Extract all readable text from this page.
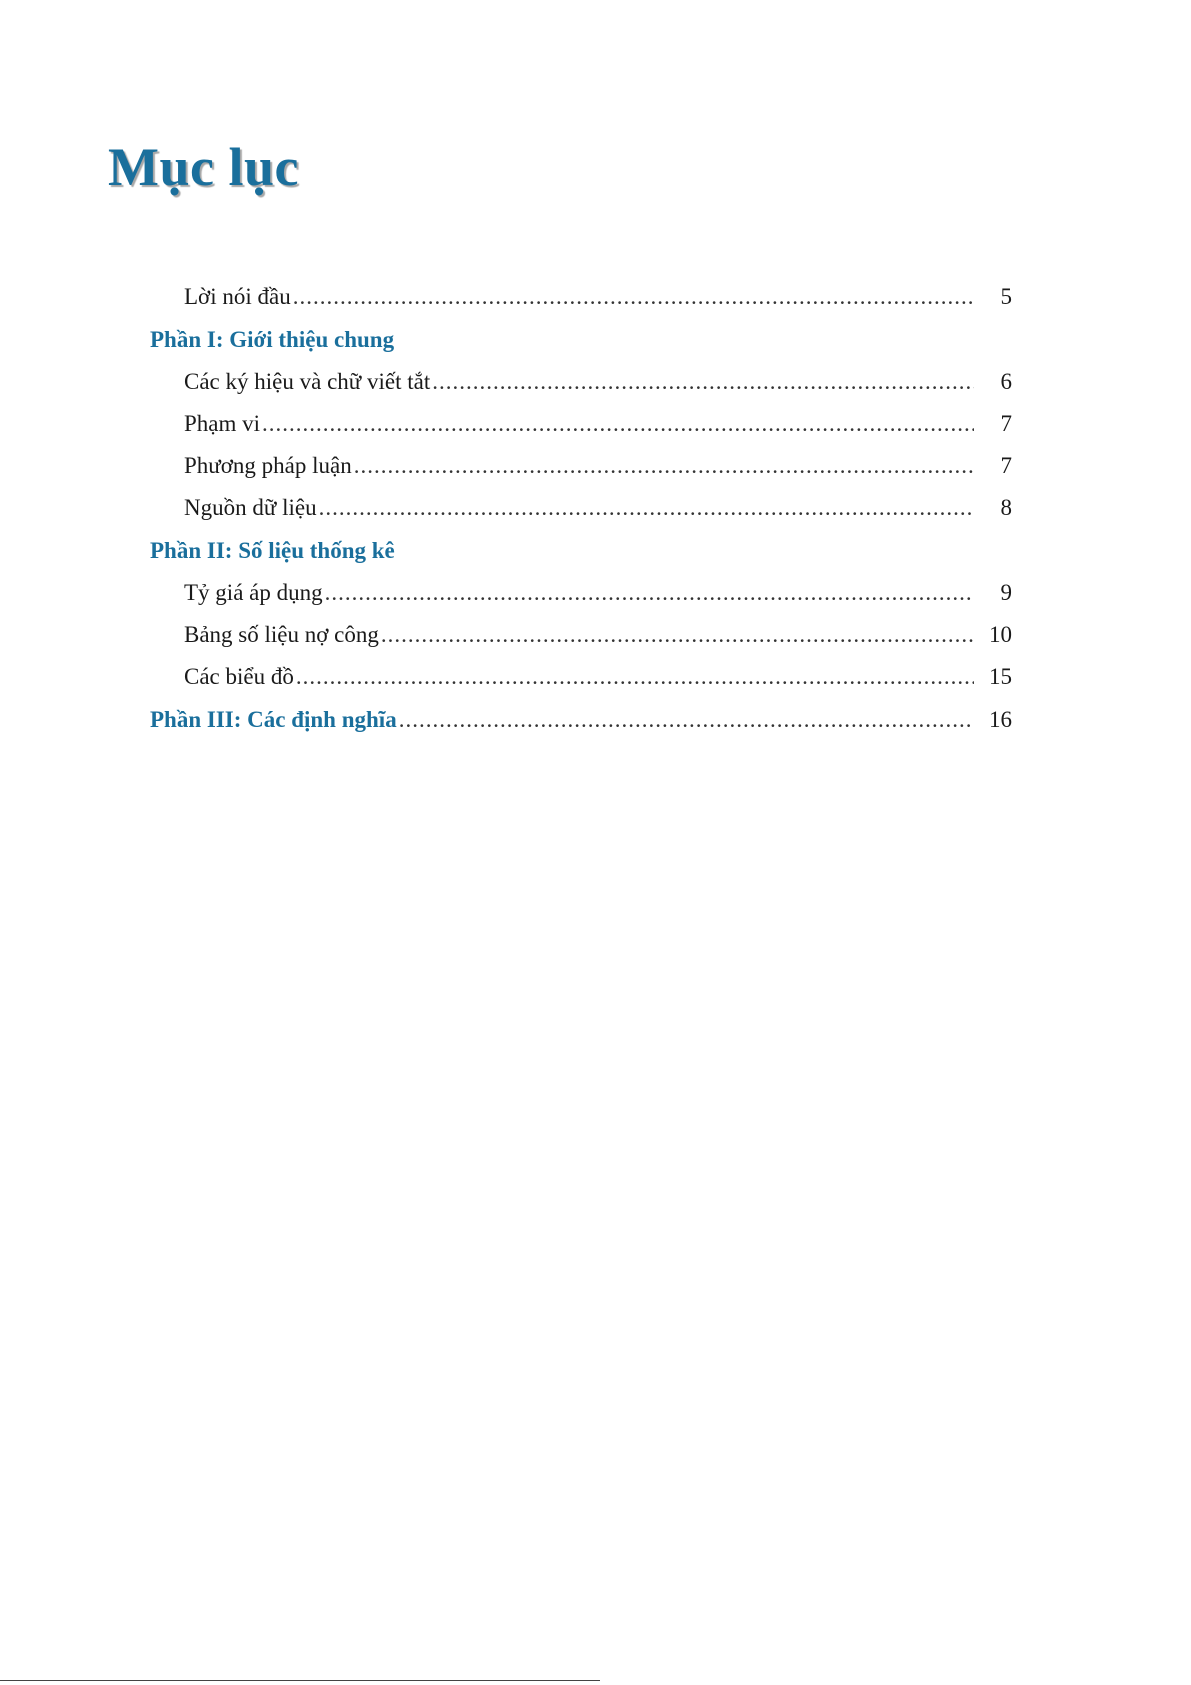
Mục lục
Lời nói đầu .....	5
Phần I: Giới thiệu chung
Các ký hiệu và chữ viết tắt .....	6
Phạm vi .....	7
Phương pháp luận .....	7
Nguồn dữ liệu .....	8
Phần II: Số liệu thống kê
Tỷ giá áp dụng .....	9
Bảng số liệu nợ công .....	10
Các biểu đồ .....	15
Phần III: Các định nghĩa .....	16
